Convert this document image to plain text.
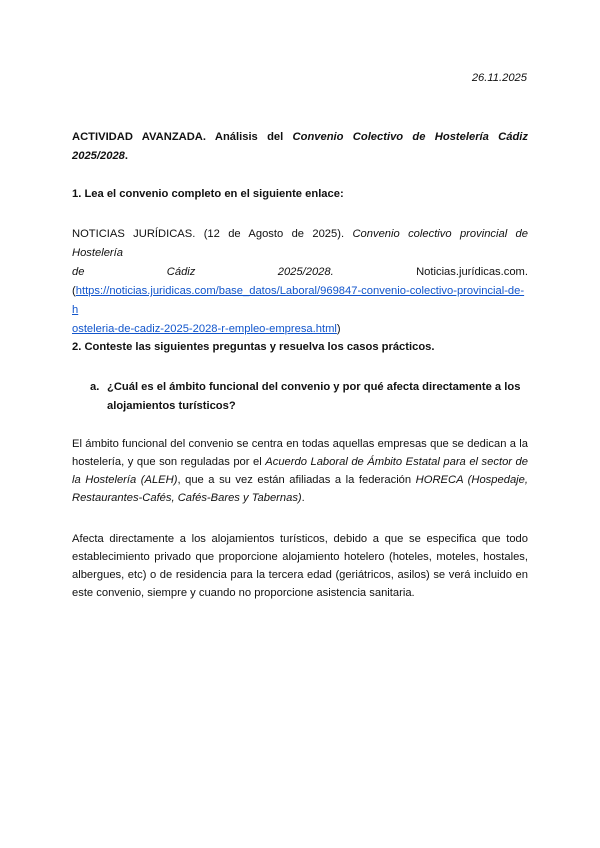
26.11.2025

ACTIVIDAD AVANZADA. Análisis del Convenio Colectivo de Hostelería Cádiz 2025/2028.

1. Lea el convenio completo en el siguiente enlace:

NOTICIAS JURÍDICAS. (12 de Agosto de 2025). Convenio colectivo provincial de Hostelería
de Cádiz 2025/2028. Noticias.jurídicas.com.
(https://noticias.juridicas.com/base_datos/Laboral/969847-convenio-colectivo-provincial-de-h
osteleria-de-cadiz-2025-2028-r-empleo-empresa.html)

2. Conteste las siguientes preguntas y resuelva los casos prácticos.

a. ¿Cuál es el ámbito funcional del convenio y por qué afecta directamente a los alojamientos turísticos?

El ámbito funcional del convenio se centra en todas aquellas empresas que se dedican a la hostelería, y que son reguladas por el Acuerdo Laboral de Ámbito Estatal para el sector de la Hostelería (ALEH), que a su vez están afiliadas a la federación HORECA (Hospedaje, Restaurantes-Cafés, Cafés-Bares y Tabernas).

Afecta directamente a los alojamientos turísticos, debido a que se especifica que todo establecimiento privado que proporcione alojamiento hotelero (hoteles, moteles, hostales, albergues, etc) o de residencia para la tercera edad (geriátricos, asilos) se verá incluido en este convenio, siempre y cuando no proporcione asistencia sanitaria.
